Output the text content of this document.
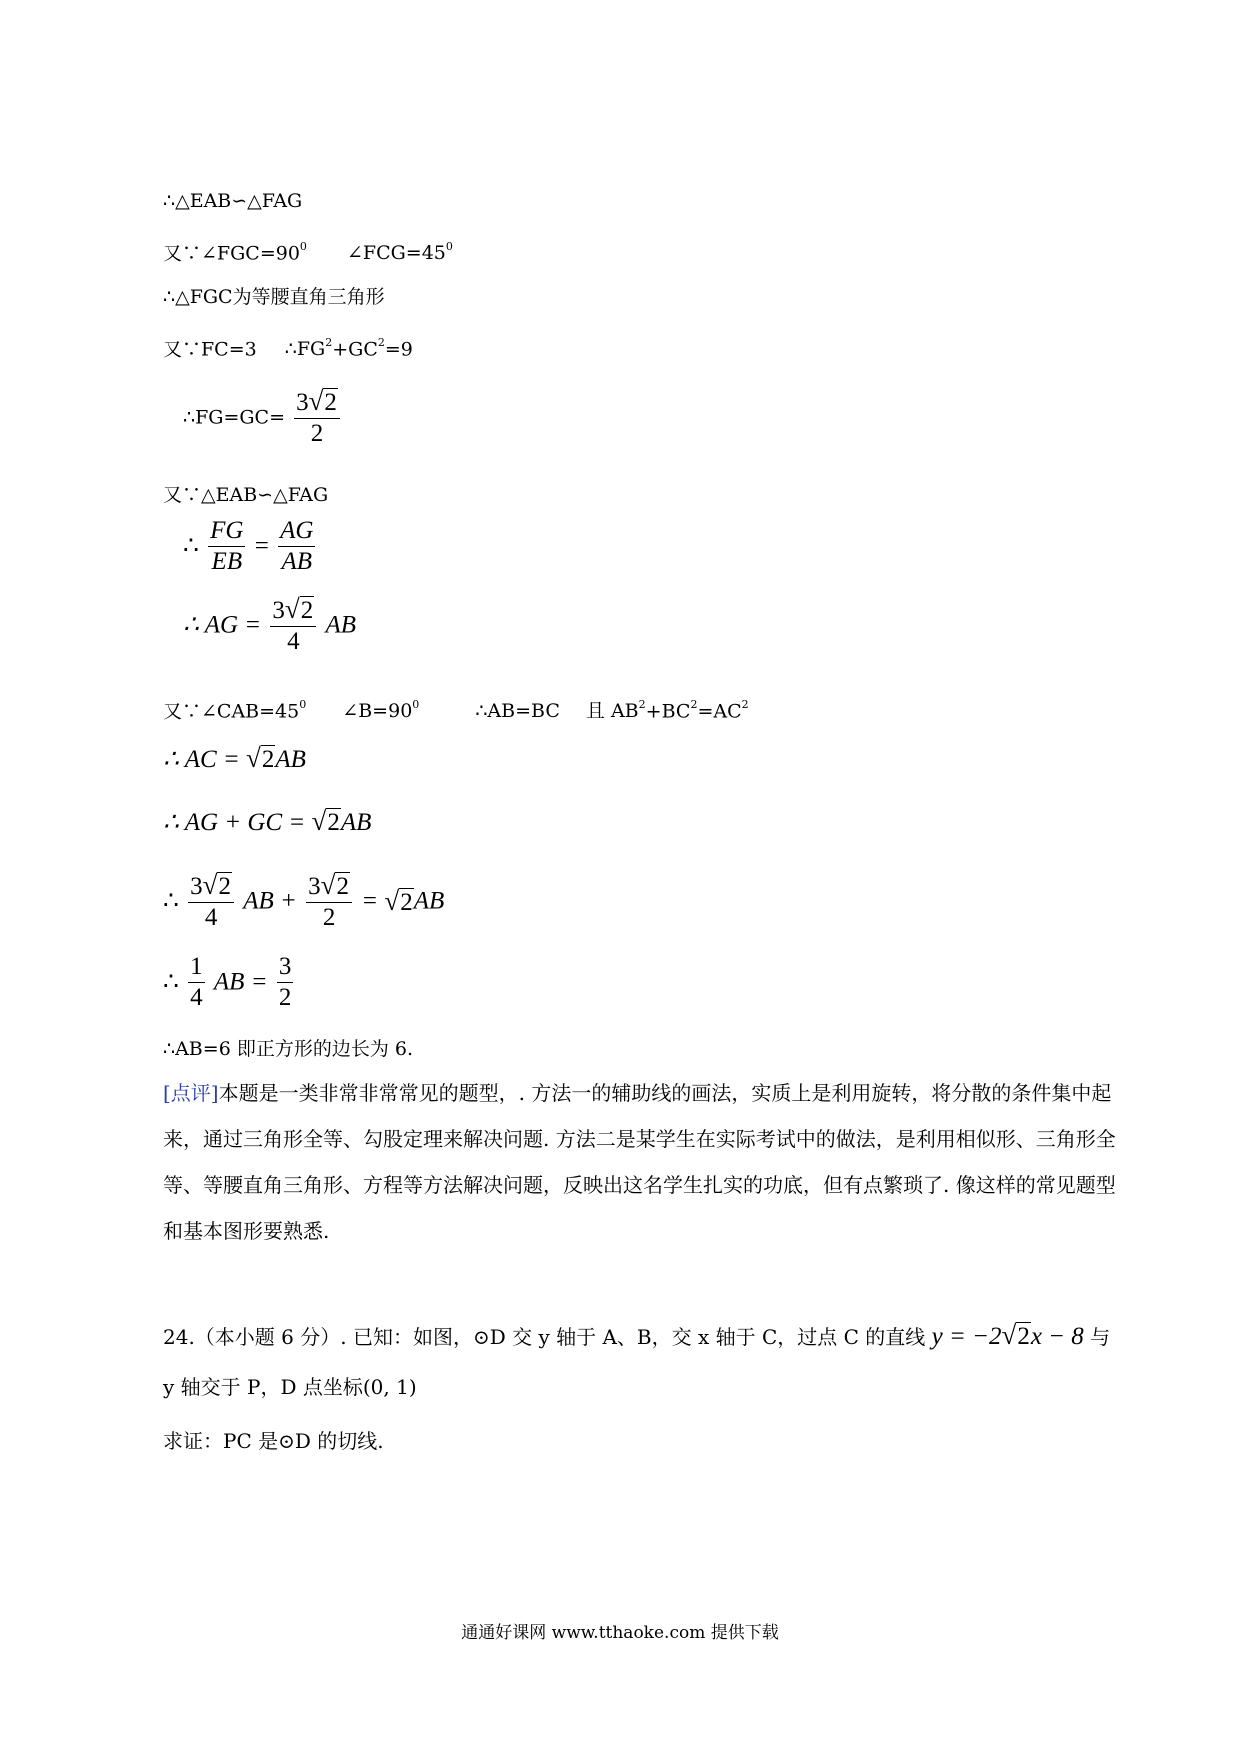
∴△EAB∽△FAG
又$\because\angle FGC=90^0$ $\angle FCG=45^0$
∴△FGC为等腰直角三角形
又∵FC=3 $\therefore FG^2+GC^2=9$
∴FG=GC= $\frac{3√2}{2}$
又∵△EAB∽△FAG
∴ $\frac{FG}{EB} = \frac{AG}{AB}$
∴ AG = $\frac{3√2}{4}$ AB
又$\because\angle CAB=45^0$ $\angle B=90^0$	∴AB=BC 且 $AB^2+BC^2=AC^2$
∴ AC = √2AB
∴ AG + GC = √2AB
∴ $\frac{3√2}{4}$ AB + $\frac{3√2}{2} = √2AB$
∴ $\frac{1}{4}$ AB = $\frac{3}{2}$
∴AB=6 即正方形的边长为 6.
[点评]本题是一类非常非常常见的题型，. 方法一的辅助线的画法，实质上是利用旋转，将分散的条件集中起来，通过三角形全等、勾股定理来解决问题. 方法二是某学生在实际考试中的做法，是利用相似形、三角形全等、等腰直角三角形、方程等方法解决问题，反映出这名学生扎实的功底，但有点繁琐了. 像这样的常见题型和基本图形要熟悉.
24.（本小题 6 分）. 已知：如图，⊙D 交 y 轴于 A、B，交 x 轴于 C，过点 C 的直线 y = −2√2x − 8 与 y 轴交于 P，D 点坐标(0, 1)
求证：PC 是⊙D 的切线.
通通好课网 www.tthaoke.com 提供下载
